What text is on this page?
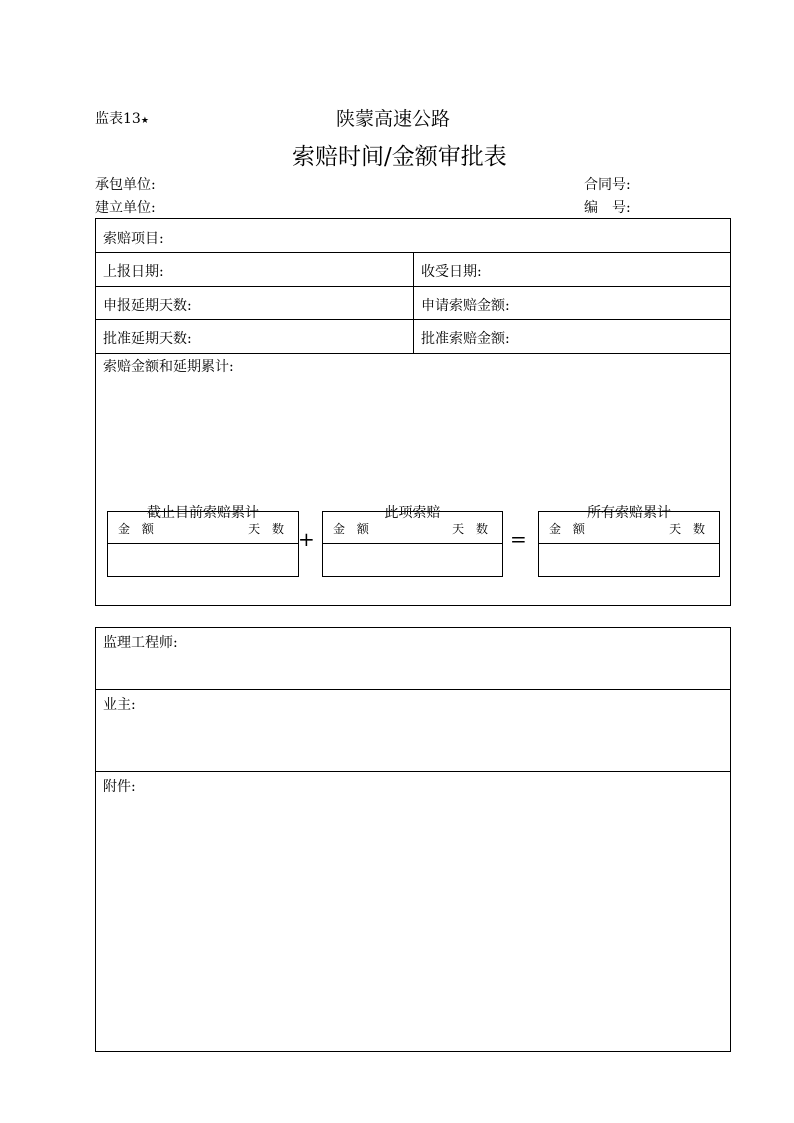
监表13★	陕蒙高速公路
索赔时间/金额审批表
承包单位:	合同号:
建立单位:	编　号:
索赔项目:
上报日期:	收受日期:
申报延期天数:	申请索赔金额:
批准延期天数:	批准索赔金额:
索赔金额和延期累计:
金 额	天 数
截止目前索赔累计
+ 金 额	天 数
此项索赔
= 金 额	天 数
所有索赔累计
监理工程师:
业主:
附件:
